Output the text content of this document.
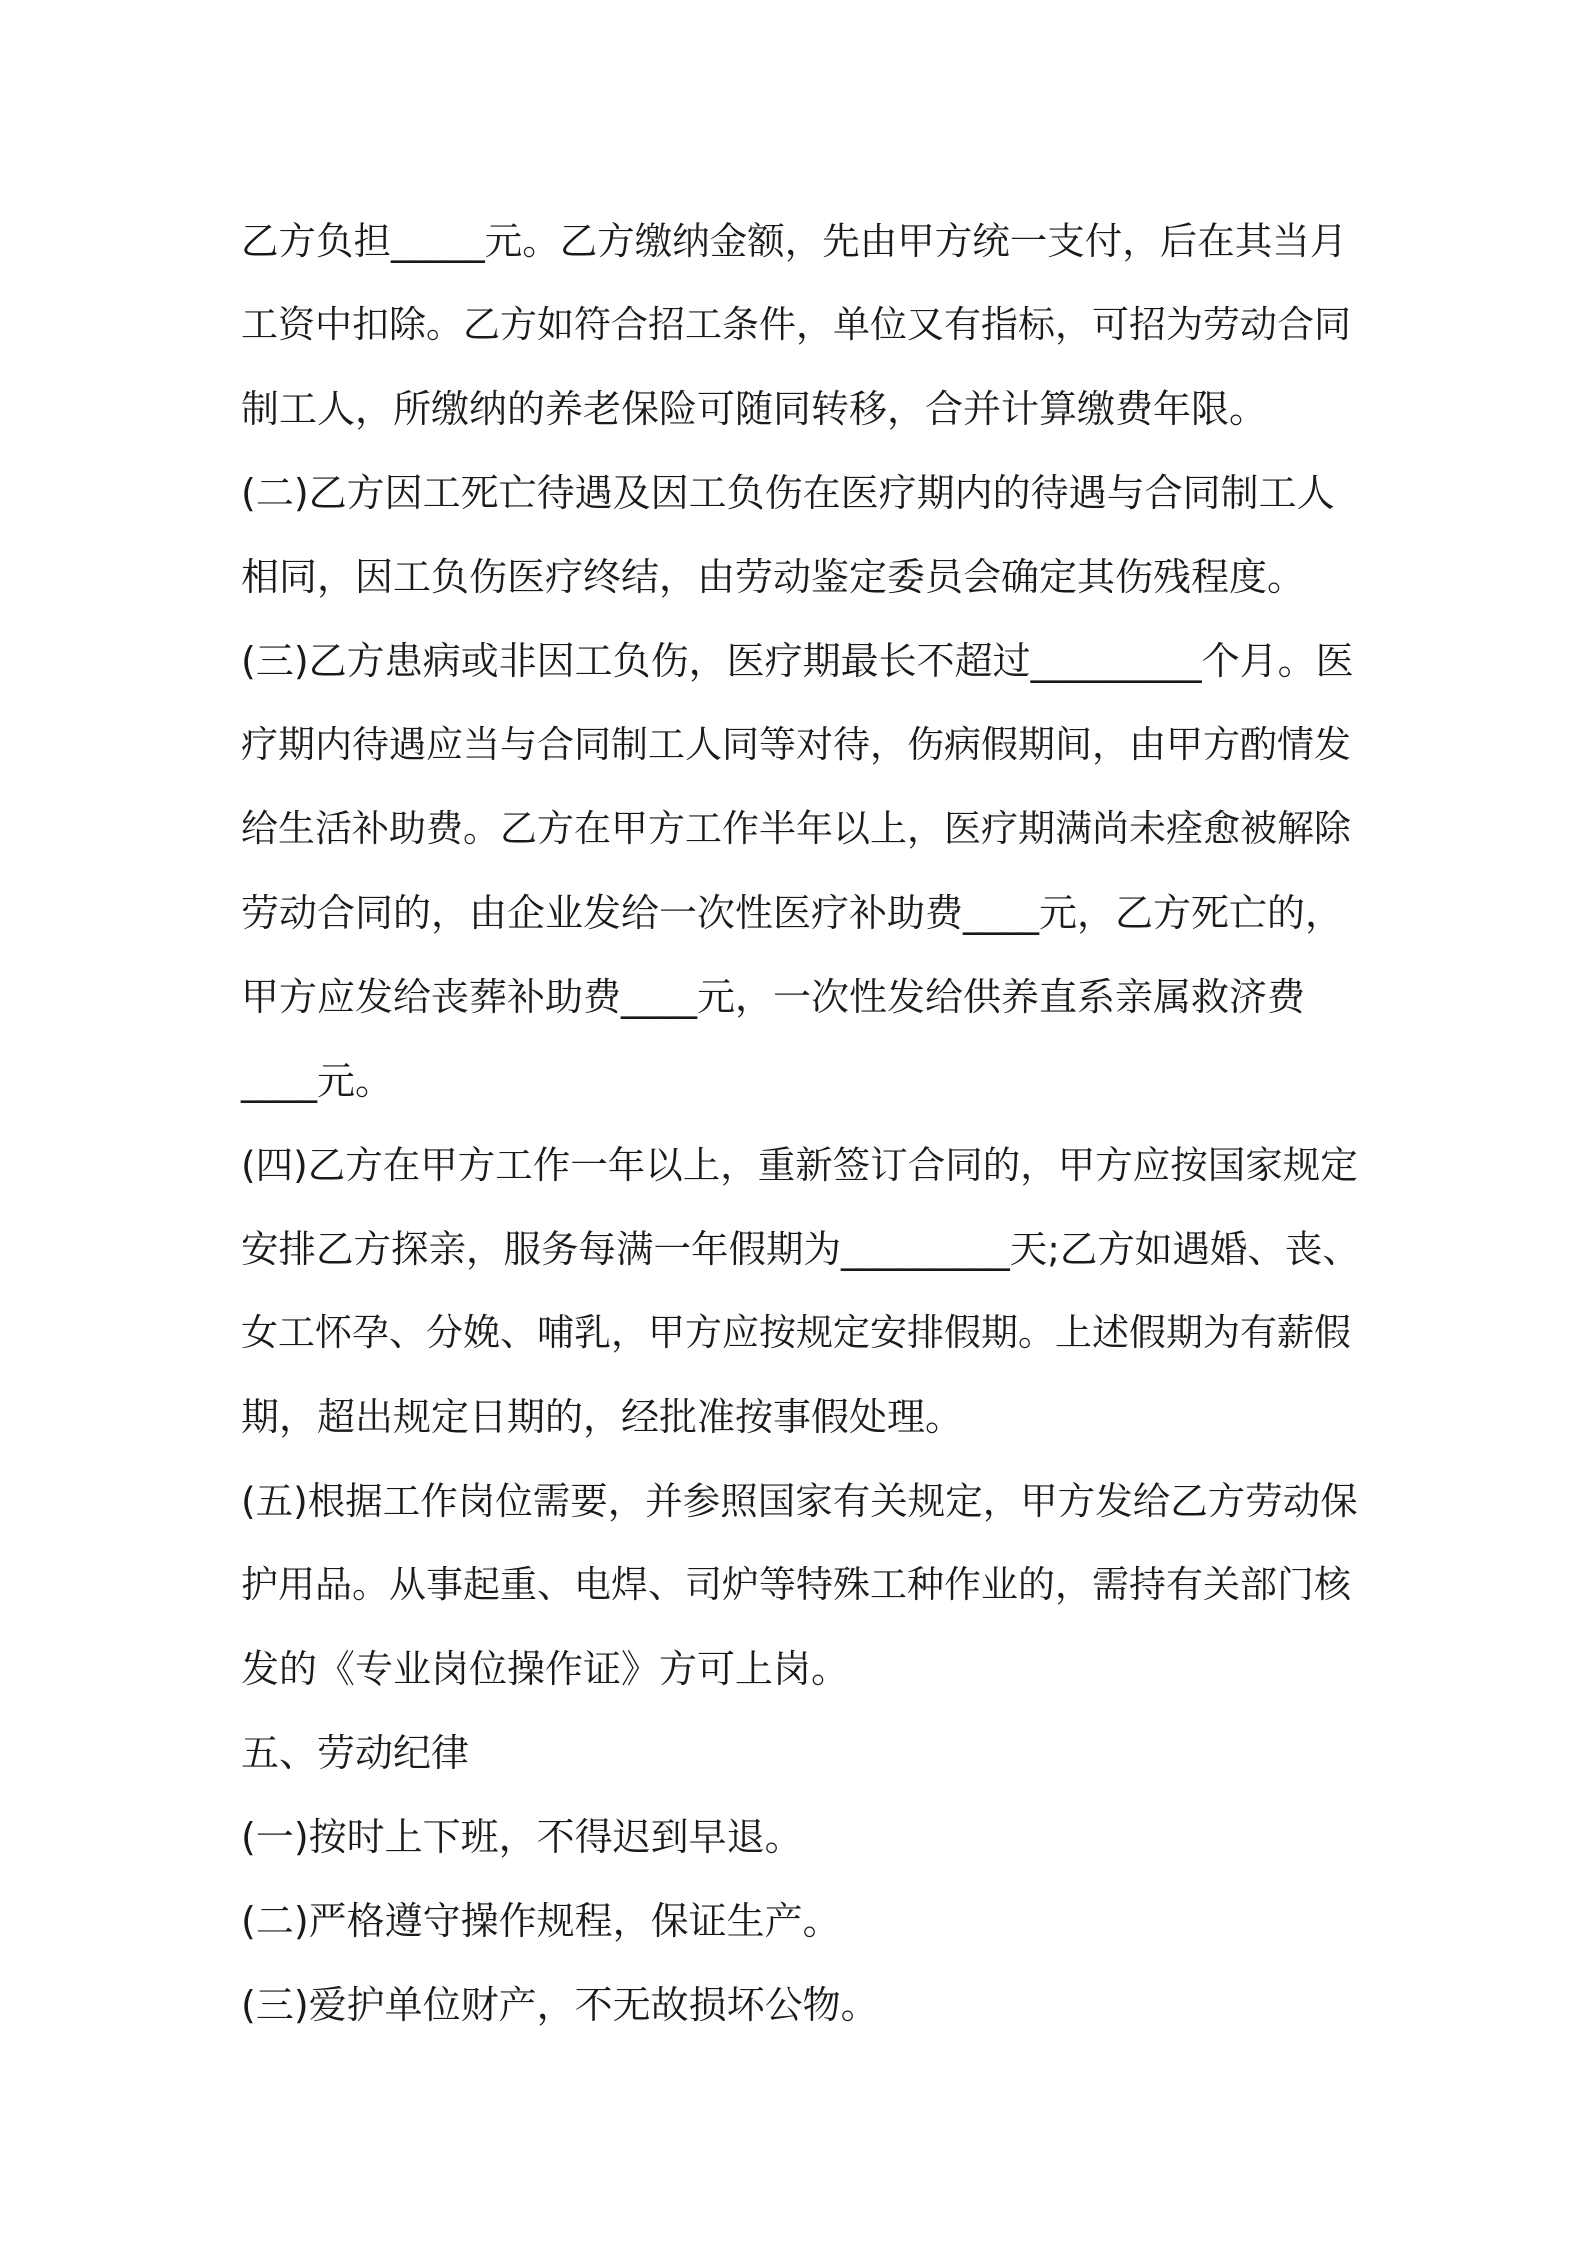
乙方负担_____元。乙方缴纳金额，先由甲方统一支付，后在其当月
工资中扣除。乙方如符合招工条件，单位又有指标，可招为劳动合同
制工人，所缴纳的养老保险可随同转移，合并计算缴费年限。
(二)乙方因工死亡待遇及因工负伤在医疗期内的待遇与合同制工人
相同，因工负伤医疗终结，由劳动鉴定委员会确定其伤残程度。
(三)乙方患病或非因工负伤，医疗期最长不超过_________个月。医
疗期内待遇应当与合同制工人同等对待，伤病假期间，由甲方酌情发
给生活补助费。乙方在甲方工作半年以上，医疗期满尚未痊愈被解除
劳动合同的，由企业发给一次性医疗补助费____元，乙方死亡的，
甲方应发给丧葬补助费____元，一次性发给供养直系亲属救济费
____元。
(四)乙方在甲方工作一年以上，重新签订合同的，甲方应按国家规定
安排乙方探亲，服务每满一年假期为_________天;乙方如遇婚、丧、
女工怀孕、分娩、哺乳，甲方应按规定安排假期。上述假期为有薪假
期，超出规定日期的，经批准按事假处理。
(五)根据工作岗位需要，并参照国家有关规定，甲方发给乙方劳动保
护用品。从事起重、电焊、司炉等特殊工种作业的，需持有关部门核
发的《专业岗位操作证》方可上岗。
五、劳动纪律
(一)按时上下班，不得迟到早退。
(二)严格遵守操作规程，保证生产。
(三)爱护单位财产，不无故损坏公物。
